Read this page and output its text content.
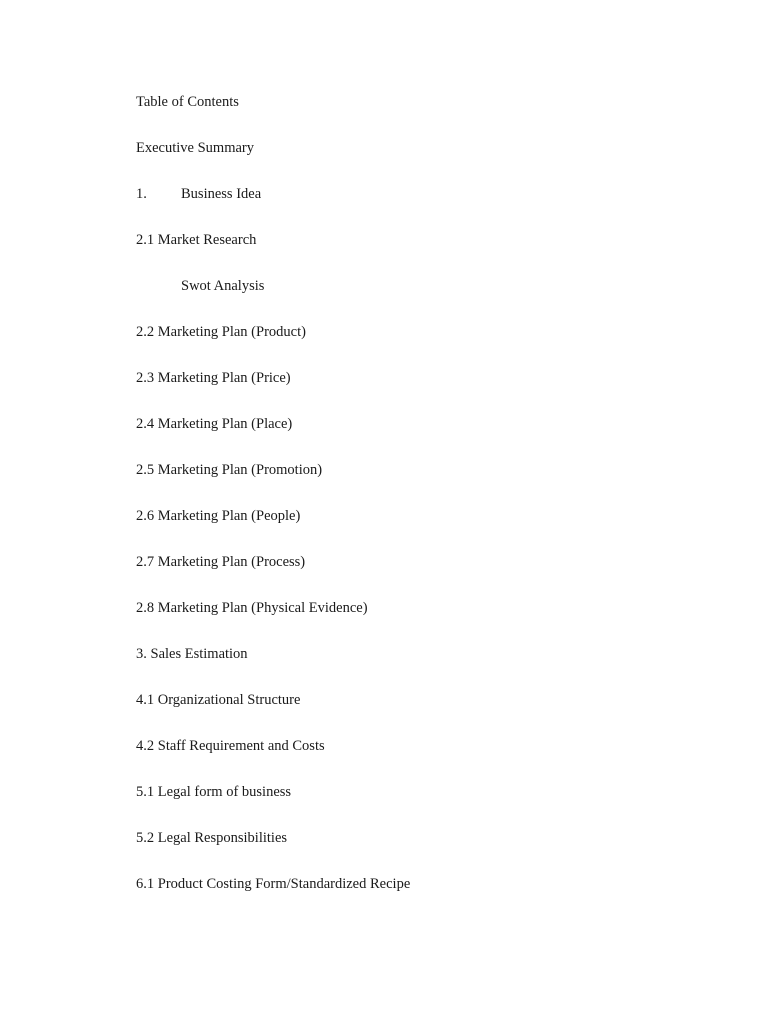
Table of Contents
Executive Summary
1. Business Idea
2.1 Market Research
Swot Analysis
2.2 Marketing Plan (Product)
2.3 Marketing Plan (Price)
2.4 Marketing Plan (Place)
2.5 Marketing Plan (Promotion)
2.6 Marketing Plan (People)
2.7 Marketing Plan (Process)
2.8 Marketing Plan (Physical Evidence)
3. Sales Estimation
4.1 Organizational Structure
4.2 Staff Requirement and Costs
5.1 Legal form of business
5.2 Legal Responsibilities
6.1 Product Costing Form/Standardized Recipe
